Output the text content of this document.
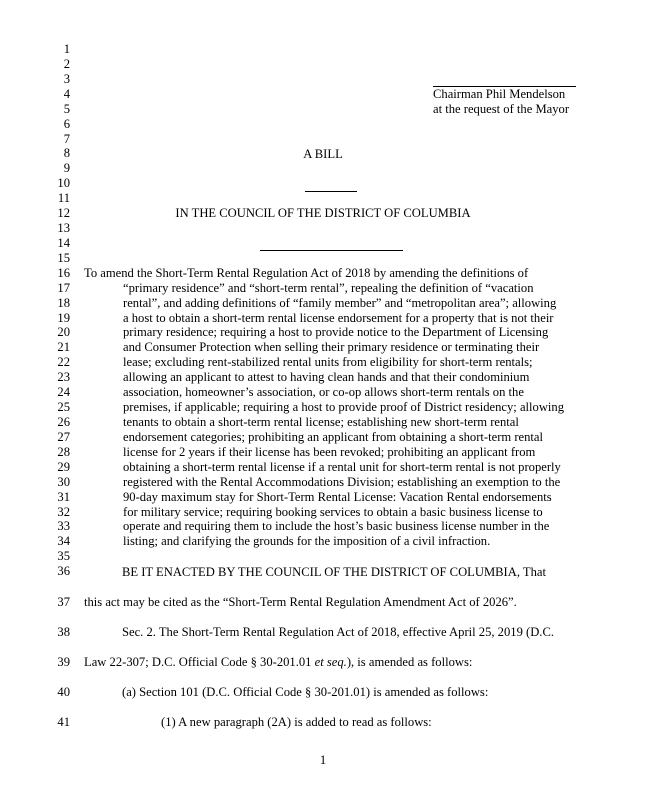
1
2
3
4
5
6
7
8
9
10
11
12
13
14
15
16
17
18
19
20
21
22
23
24
25
26
27
28
29
30
31
32
33
34
35
36
37
38
39
40
41
Chairman Phil Mendelson
at the request of the Mayor
A BILL
IN THE COUNCIL OF THE DISTRICT OF COLUMBIA
To amend the Short-Term Rental Regulation Act of 2018 by amending the definitions of
“primary residence” and “short-term rental”, repealing the definition of “vacation
rental”, and adding definitions of “family member” and “metropolitan area”; allowing
a host to obtain a short-term rental license endorsement for a property that is not their
primary residence; requiring a host to provide notice to the Department of Licensing
and Consumer Protection when selling their primary residence or terminating their
lease; excluding rent-stabilized rental units from eligibility for short-term rentals;
allowing an applicant to attest to having clean hands and that their condominium
association, homeowner’s association, or co-op allows short-term rentals on the
premises, if applicable; requiring a host to provide proof of District residency; allowing
tenants to obtain a short-term rental license; establishing new short-term rental
endorsement categories; prohibiting an applicant from obtaining a short-term rental
license for 2 years if their license has been revoked; prohibiting an applicant from
obtaining a short-term rental license if a rental unit for short-term rental is not properly
registered with the Rental Accommodations Division; establishing an exemption to the
90-day maximum stay for Short-Term Rental License: Vacation Rental endorsements
for military service; requiring booking services to obtain a basic business license to
operate and requiring them to include the host’s basic business license number in the
listing; and clarifying the grounds for the imposition of a civil infraction.
BE IT ENACTED BY THE COUNCIL OF THE DISTRICT OF COLUMBIA, That
this act may be cited as the “Short-Term Rental Regulation Amendment Act of 2026”.
Sec. 2. The Short-Term Rental Regulation Act of 2018, effective April 25, 2019 (D.C.
Law 22-307; D.C. Official Code § 30-201.01 et seq.), is amended as follows:
(a) Section 101 (D.C. Official Code § 30-201.01) is amended as follows:
(1) A new paragraph (2A) is added to read as follows:
1
